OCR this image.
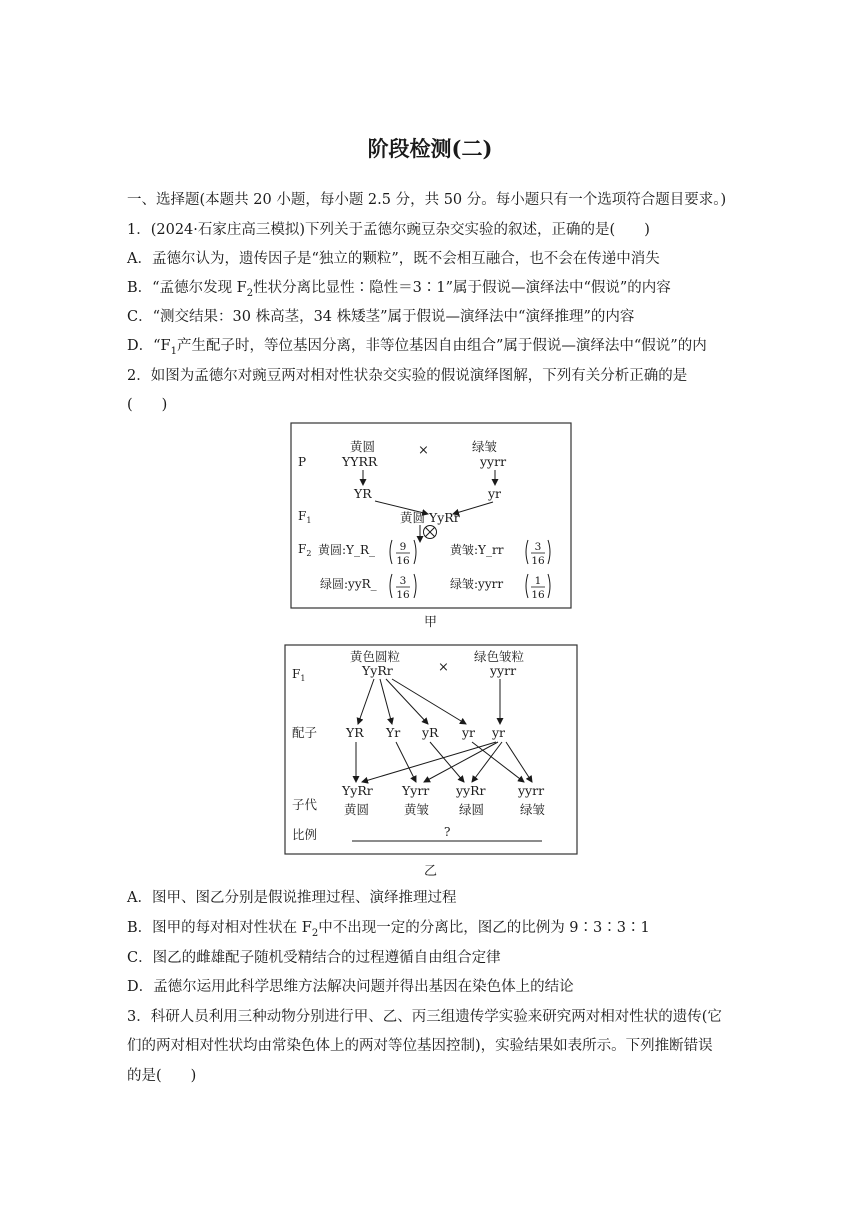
阶段检测(二)
一、选择题(本题共 20 小题，每小题 2.5 分，共 50 分。每小题只有一个选项符合题目要求。)
1．(2024·石家庄高三模拟)下列关于孟德尔豌豆杂交实验的叙述，正确的是(　　)
A．孟德尔认为，遗传因子是“独立的颗粒”，既不会相互融合，也不会在传递中消失
B．“孟德尔发现 $F_2$性状分离比显性∶隐性＝3∶1”属于假说—演绎法中“假说”的内容
C．“测交结果：30 株高茎，34 株矮茎”属于假说—演绎法中“演绎推理”的内容
D．“$F_1$产生配子时，等位基因分离，非等位基因自由组合”属于假说—演绎法中“假说”的内
2．如图为孟德尔对豌豆两对相对性状杂交实验的假说演绎图解，下列有关分析正确的是
(　　)
P
黄圆
YYRR
×	绿皱
yyrr
YR	yr
$F_1$	黄圆 YyRr
$F_2$ 黄圆:Y_R_ 9
16
黄皱:Y_rr	3
16
绿圆:yyR_ 3
16
绿皱:yyrr	1
16
甲
$F_1$
黄色圆粒
YyRr	×
绿色皱粒
yyrr
配子 YR Yr yR yr yr
子代
YyRr Yyrr yyRr	yyrr
黄圆	黄皱 绿圆	绿皱
比例	?
乙
A．图甲、图乙分别是假说推理过程、演绎推理过程
B．图甲的每对相对性状在 $F_2$中不出现一定的分离比，图乙的比例为 9∶3∶3∶1
C．图乙的雌雄配子随机受精结合的过程遵循自由组合定律
D．孟德尔运用此科学思维方法解决问题并得出基因在染色体上的结论
3．科研人员利用三种动物分别进行甲、乙、丙三组遗传学实验来研究两对相对性状的遗传(它
们的两对相对性状均由常染色体上的两对等位基因控制)，实验结果如表所示。下列推断错误
的是(　　)
